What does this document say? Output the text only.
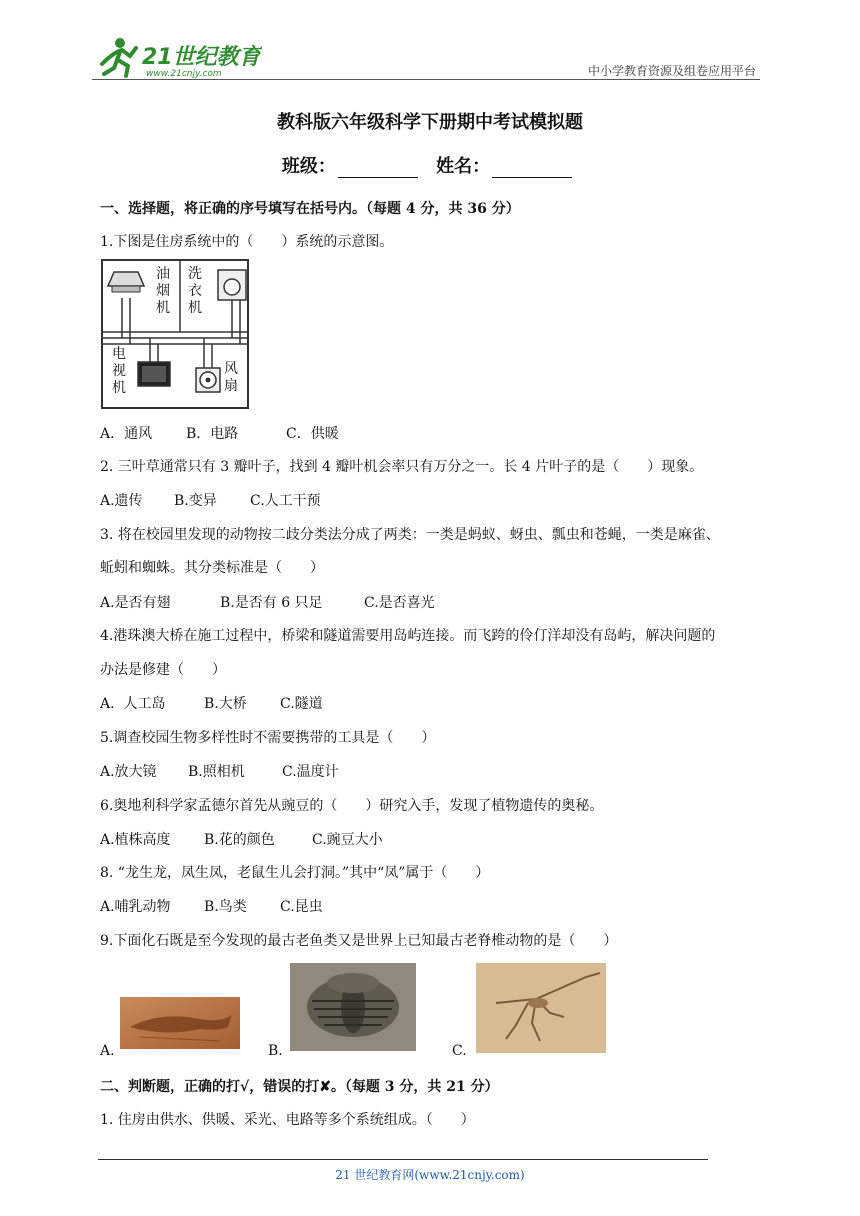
21世纪教育
www.21cnjy.com	中小学教育资源及组卷应用平台
教科版六年级科学下册期中考试模拟题
班级：	姓名：
一、选择题，将正确的序号填写在括号内。（每题 4 分，共 36 分）
1.下图是住房系统中的（　　）系统的示意图。
油烟机
洗衣机
电视机
风扇
A．通风 B．电路	C．供暖
2. 三叶草通常只有 3 瓣叶子，找到 4 瓣叶机会率只有万分之一。长 4 片叶子的是（　　）现象。
A.遗传 B.变异 C.人工干预
3. 将在校园里发现的动物按二歧分类法分成了两类：一类是蚂蚁、蚜虫、瓢虫和苍蝇，一类是麻雀、
蚯蚓和蜘蛛。其分类标准是（　　）
A.是否有翅	B.是否有 6 只足	C.是否喜光
4.港珠澳大桥在施工过程中，桥梁和隧道需要用岛屿连接。而飞跨的伶仃洋却没有岛屿，解决问题的
办法是修建（　　）
A.  人工岛	B.大桥 C.隧道
5.调查校园生物多样性时不需要携带的工具是（　　）
A.放大镜 B.照相机	C.温度计
6.奥地利科学家孟德尔首先从豌豆的（　　）研究入手，发现了植物遗传的奥秘。
A.植株高度 B.花的颜色	C.豌豆大小
8. “龙生龙，凤生凤，老鼠生儿会打洞。”其中“凤”属于（　　）
A.哺乳动物 B.鸟类 C.昆虫
9.下面化石既是至今发现的最古老鱼类又是世界上已知最古老脊椎动物的是（　　）
A.	B.	C.
二、判断题，正确的打√，错误的打✘。（每题 3 分，共 21 分）
1. 住房由供水、供暖、采光、电路等多个系统组成。（　　）
21 世纪教育网(www.21cnjy.com)
